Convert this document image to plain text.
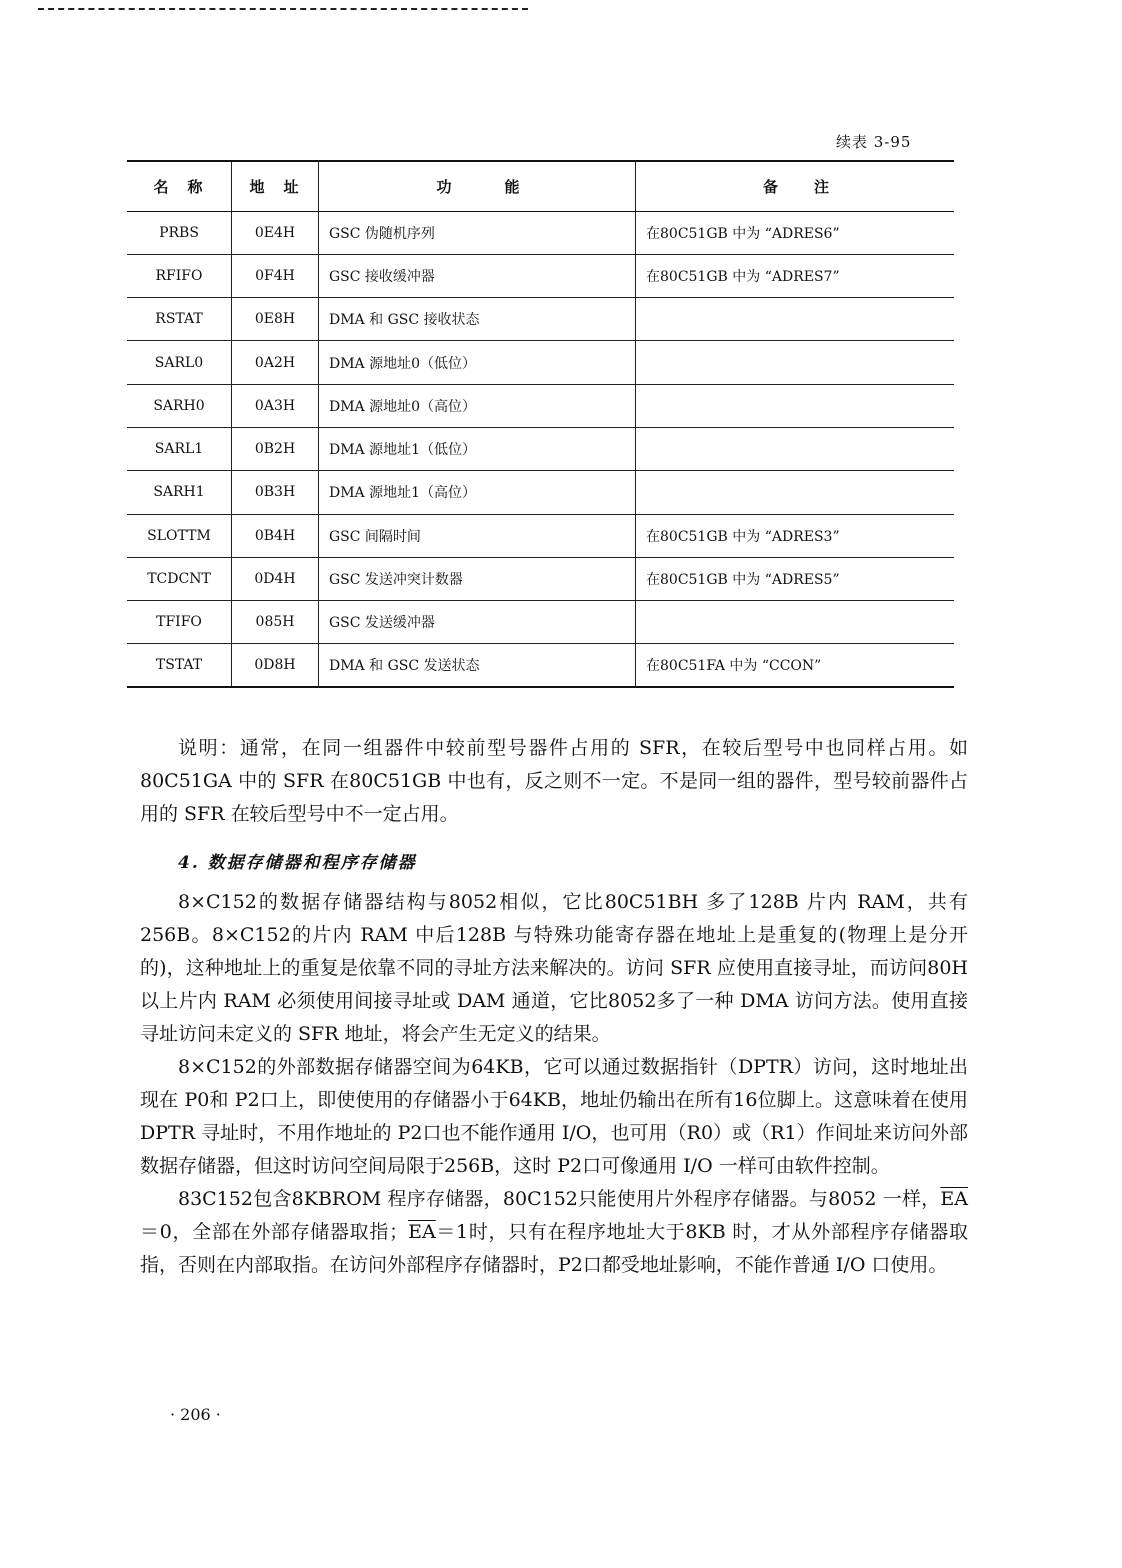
续表 3-95
名　称	地　址	功　　　能	备　　注
PRBS	0E4H	GSC 伪随机序列	在80C51GB 中为 “ADRES6”
RFIFO	0F4H	GSC 接收缓冲器	在80C51GB 中为 “ADRES7”
RSTAT	0E8H	DMA 和 GSC 接收状态	
SARL0	0A2H	DMA 源地址0（低位）	
SARH0	0A3H	DMA 源地址0（高位）	
SARL1	0B2H	DMA 源地址1（低位）	
SARH1	0B3H	DMA 源地址1（高位）	
SLOTTM	0B4H	GSC 间隔时间	在80C51GB 中为 “ADRES3”
TCDCNT	0D4H	GSC 发送冲突计数器	在80C51GB 中为 “ADRES5”
TFIFO	085H	GSC 发送缓冲器	
TSTAT	0D8H	DMA 和 GSC 发送状态	在80C51FA 中为 “CCON”

说明：通常，在同一组器件中较前型号器件占用的 SFR，在较后型号中也同样占用。如80C51GA 中的 SFR 在80C51GB 中也有，反之则不一定。不是同一组的器件，型号较前器件占用的 SFR 在较后型号中不一定占用。

4. 数据存储器和程序存储器

8×C152的数据存储器结构与8052相似，它比80C51BH 多了128B 片内 RAM，共有256B。8×C152的片内 RAM 中后128B 与特殊功能寄存器在地址上是重复的(物理上是分开的)，这种地址上的重复是依靠不同的寻址方法来解决的。访问 SFR 应使用直接寻址，而访问80H 以上片内 RAM 必须使用间接寻址或 DAM 通道，它比8052多了一种 DMA 访问方法。使用直接寻址访问未定义的 SFR 地址，将会产生无定义的结果。

8×C152的外部数据存储器空间为64KB，它可以通过数据指针（DPTR）访问，这时地址出现在 P0和 P2口上，即使使用的存储器小于64KB，地址仍输出在所有16位脚上。这意味着在使用 DPTR 寻址时，不用作地址的 P2口也不能作通用 I/O，也可用（R0）或（R1）作间址来访问外部数据存储器，但这时访问空间局限于256B，这时 P2口可像通用 I/O 一样可由软件控制。

83C152包含8KBROM 程序存储器，80C152只能使用片外程序存储器。与8052 一样，$\overline{EA}=0$，全部在外部存储器取指；$\overline{EA}=1$时，只有在程序地址大于8KB 时，才从外部程序存储器取指，否则在内部取指。在访问外部程序存储器时，P2口都受地址影响，不能作普通 I/O 口使用。

· 206 ·
